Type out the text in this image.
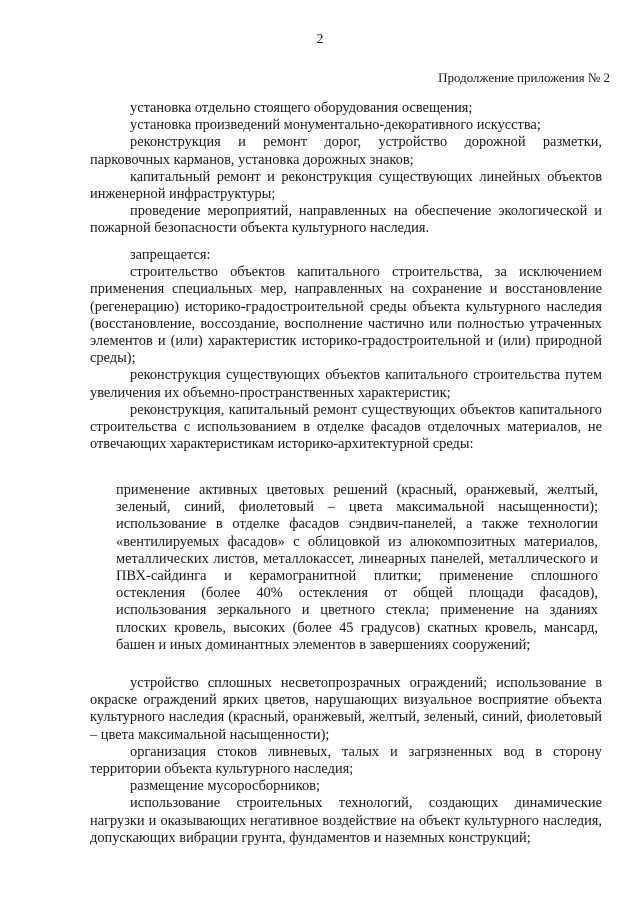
2
Продолжение приложения № 2

установка отдельно стоящего оборудования освещения;

установка произведений монументально-декоративного искусства;

реконструкция и ремонт дорог, устройство дорожной разметки, парковочных карманов, установка дорожных знаков;

капитальный ремонт и реконструкция существующих линейных объектов инженерной инфраструктуры;

проведение мероприятий, направленных на обеспечение экологической и пожарной безопасности объекта культурного наследия.

запрещается:

строительство объектов капитального строительства, за исключением применения специальных мер, направленных на сохранение и восстановление (регенерацию) историко-градостроительной среды объекта культурного наследия (восстановление, воссоздание, восполнение частично или полностью утраченных элементов и (или) характеристик историко-градостроительной и (или) природной среды);

реконструкция существующих объектов капитального строительства путем увеличения их объемно-пространственных характеристик;

реконструкция, капитальный ремонт существующих объектов капитального строительства с использованием в отделке фасадов отделочных материалов, не отвечающих характеристикам историко-архитектурной среды:

применение активных цветовых решений (красный, оранжевый, желтый, зеленый, синий, фиолетовый – цвета максимальной насыщенности); использование в отделке фасадов сэндвич-панелей, а также технологии «вентилируемых фасадов» с облицовкой из алюкомпозитных материалов, металлических листов, металлокассет, линеарных панелей, металлического и ПВХ-сайдинга и керамогранитной плитки; применение сплошного остекления (более 40% остекления от общей площади фасадов), использования зеркального и цветного стекла; применение на зданиях плоских кровель, высоких (более 45 градусов) скатных кровель, мансард, башен и иных доминантных элементов в завершениях сооружений;

устройство сплошных несветопрозрачных ограждений; использование в окраске ограждений ярких цветов, нарушающих визуальное восприятие объекта культурного наследия (красный, оранжевый, желтый, зеленый, синий, фиолетовый – цвета максимальной насыщенности);

организация стоков ливневых, талых и загрязненных вод в сторону территории объекта культурного наследия;

размещение мусоросборников;

использование строительных технологий, создающих динамические нагрузки и оказывающих негативное воздействие на объект культурного наследия, допускающих вибрации грунта, фундаментов и наземных конструкций;
